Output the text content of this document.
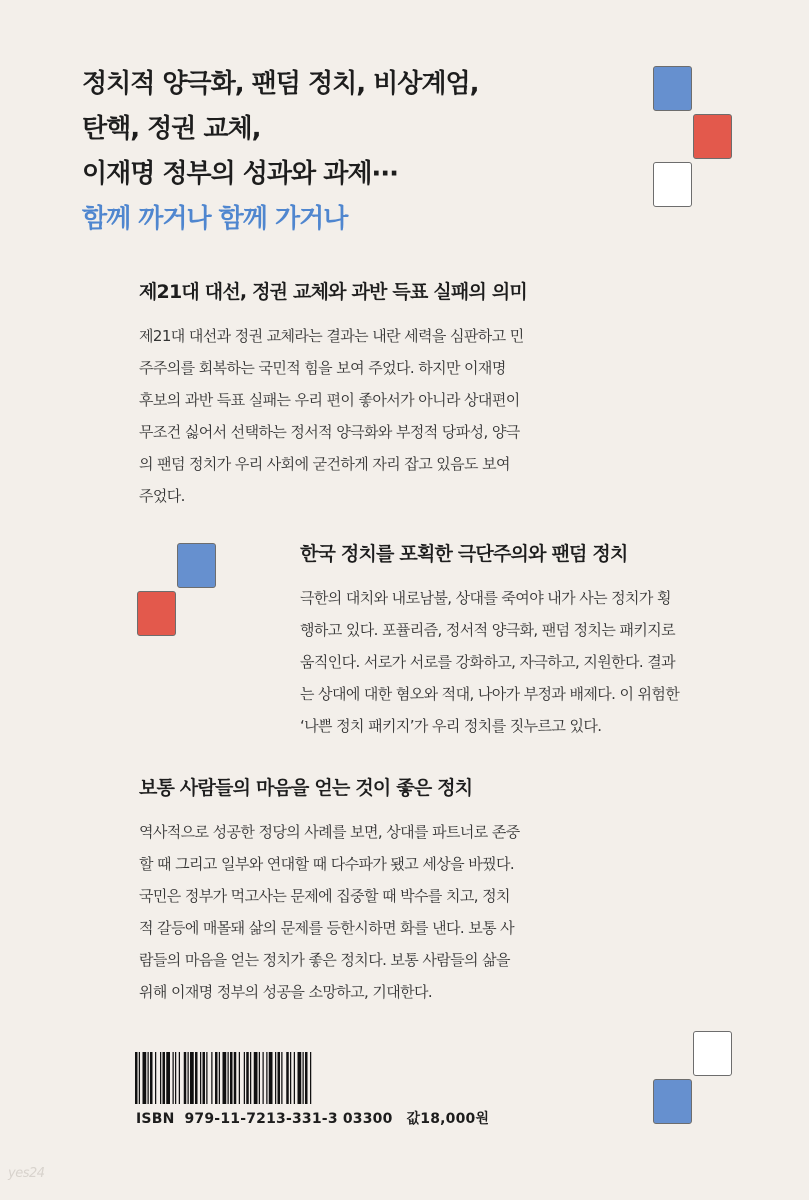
정치적 양극화, 팬덤 정치, 비상계엄,
탄핵, 정권 교체,
이재명 정부의 성과와 과제···
함께 까거나 함께 가거나
제21대 대선, 정권 교체와 과반 득표 실패의 의미

제21대 대선과 정권 교체라는 결과는 내란 세력을 심판하고 민
주주의를 회복하는 국민적 힘을 보여 주었다. 하지만 이재명
후보의 과반 득표 실패는 우리 편이 좋아서가 아니라 상대편이
무조건 싫어서 선택하는 정서적 양극화와 부정적 당파성, 양극
의 팬덤 정치가 우리 사회에 굳건하게 자리 잡고 있음도 보여
주었다.

한국 정치를 포획한 극단주의와 팬덤 정치

극한의 대치와 내로남불, 상대를 죽여야 내가 사는 정치가 횡
행하고 있다. 포퓰리즘, 정서적 양극화, 팬덤 정치는 패키지로
움직인다. 서로가 서로를 강화하고, 자극하고, 지원한다. 결과
는 상대에 대한 혐오와 적대, 나아가 부정과 배제다. 이 위험한
‘나쁜 정치 패키지’가 우리 정치를 짓누르고 있다.

보통 사람들의 마음을 얻는 것이 좋은 정치

역사적으로 성공한 정당의 사례를 보면, 상대를 파트너로 존중
할 때 그리고 일부와 연대할 때 다수파가 됐고 세상을 바꿨다.
국민은 정부가 먹고사는 문제에 집중할 때 박수를 치고, 정치
적 갈등에 매몰돼 삶의 문제를 등한시하면 화를 낸다. 보통 사
람들의 마음을 얻는 정치가 좋은 정치다. 보통 사람들의 삶을
위해 이재명 정부의 성공을 소망하고, 기대한다.

ISBN 979-11-7213-331-3 03300 값18,000원
yes24
